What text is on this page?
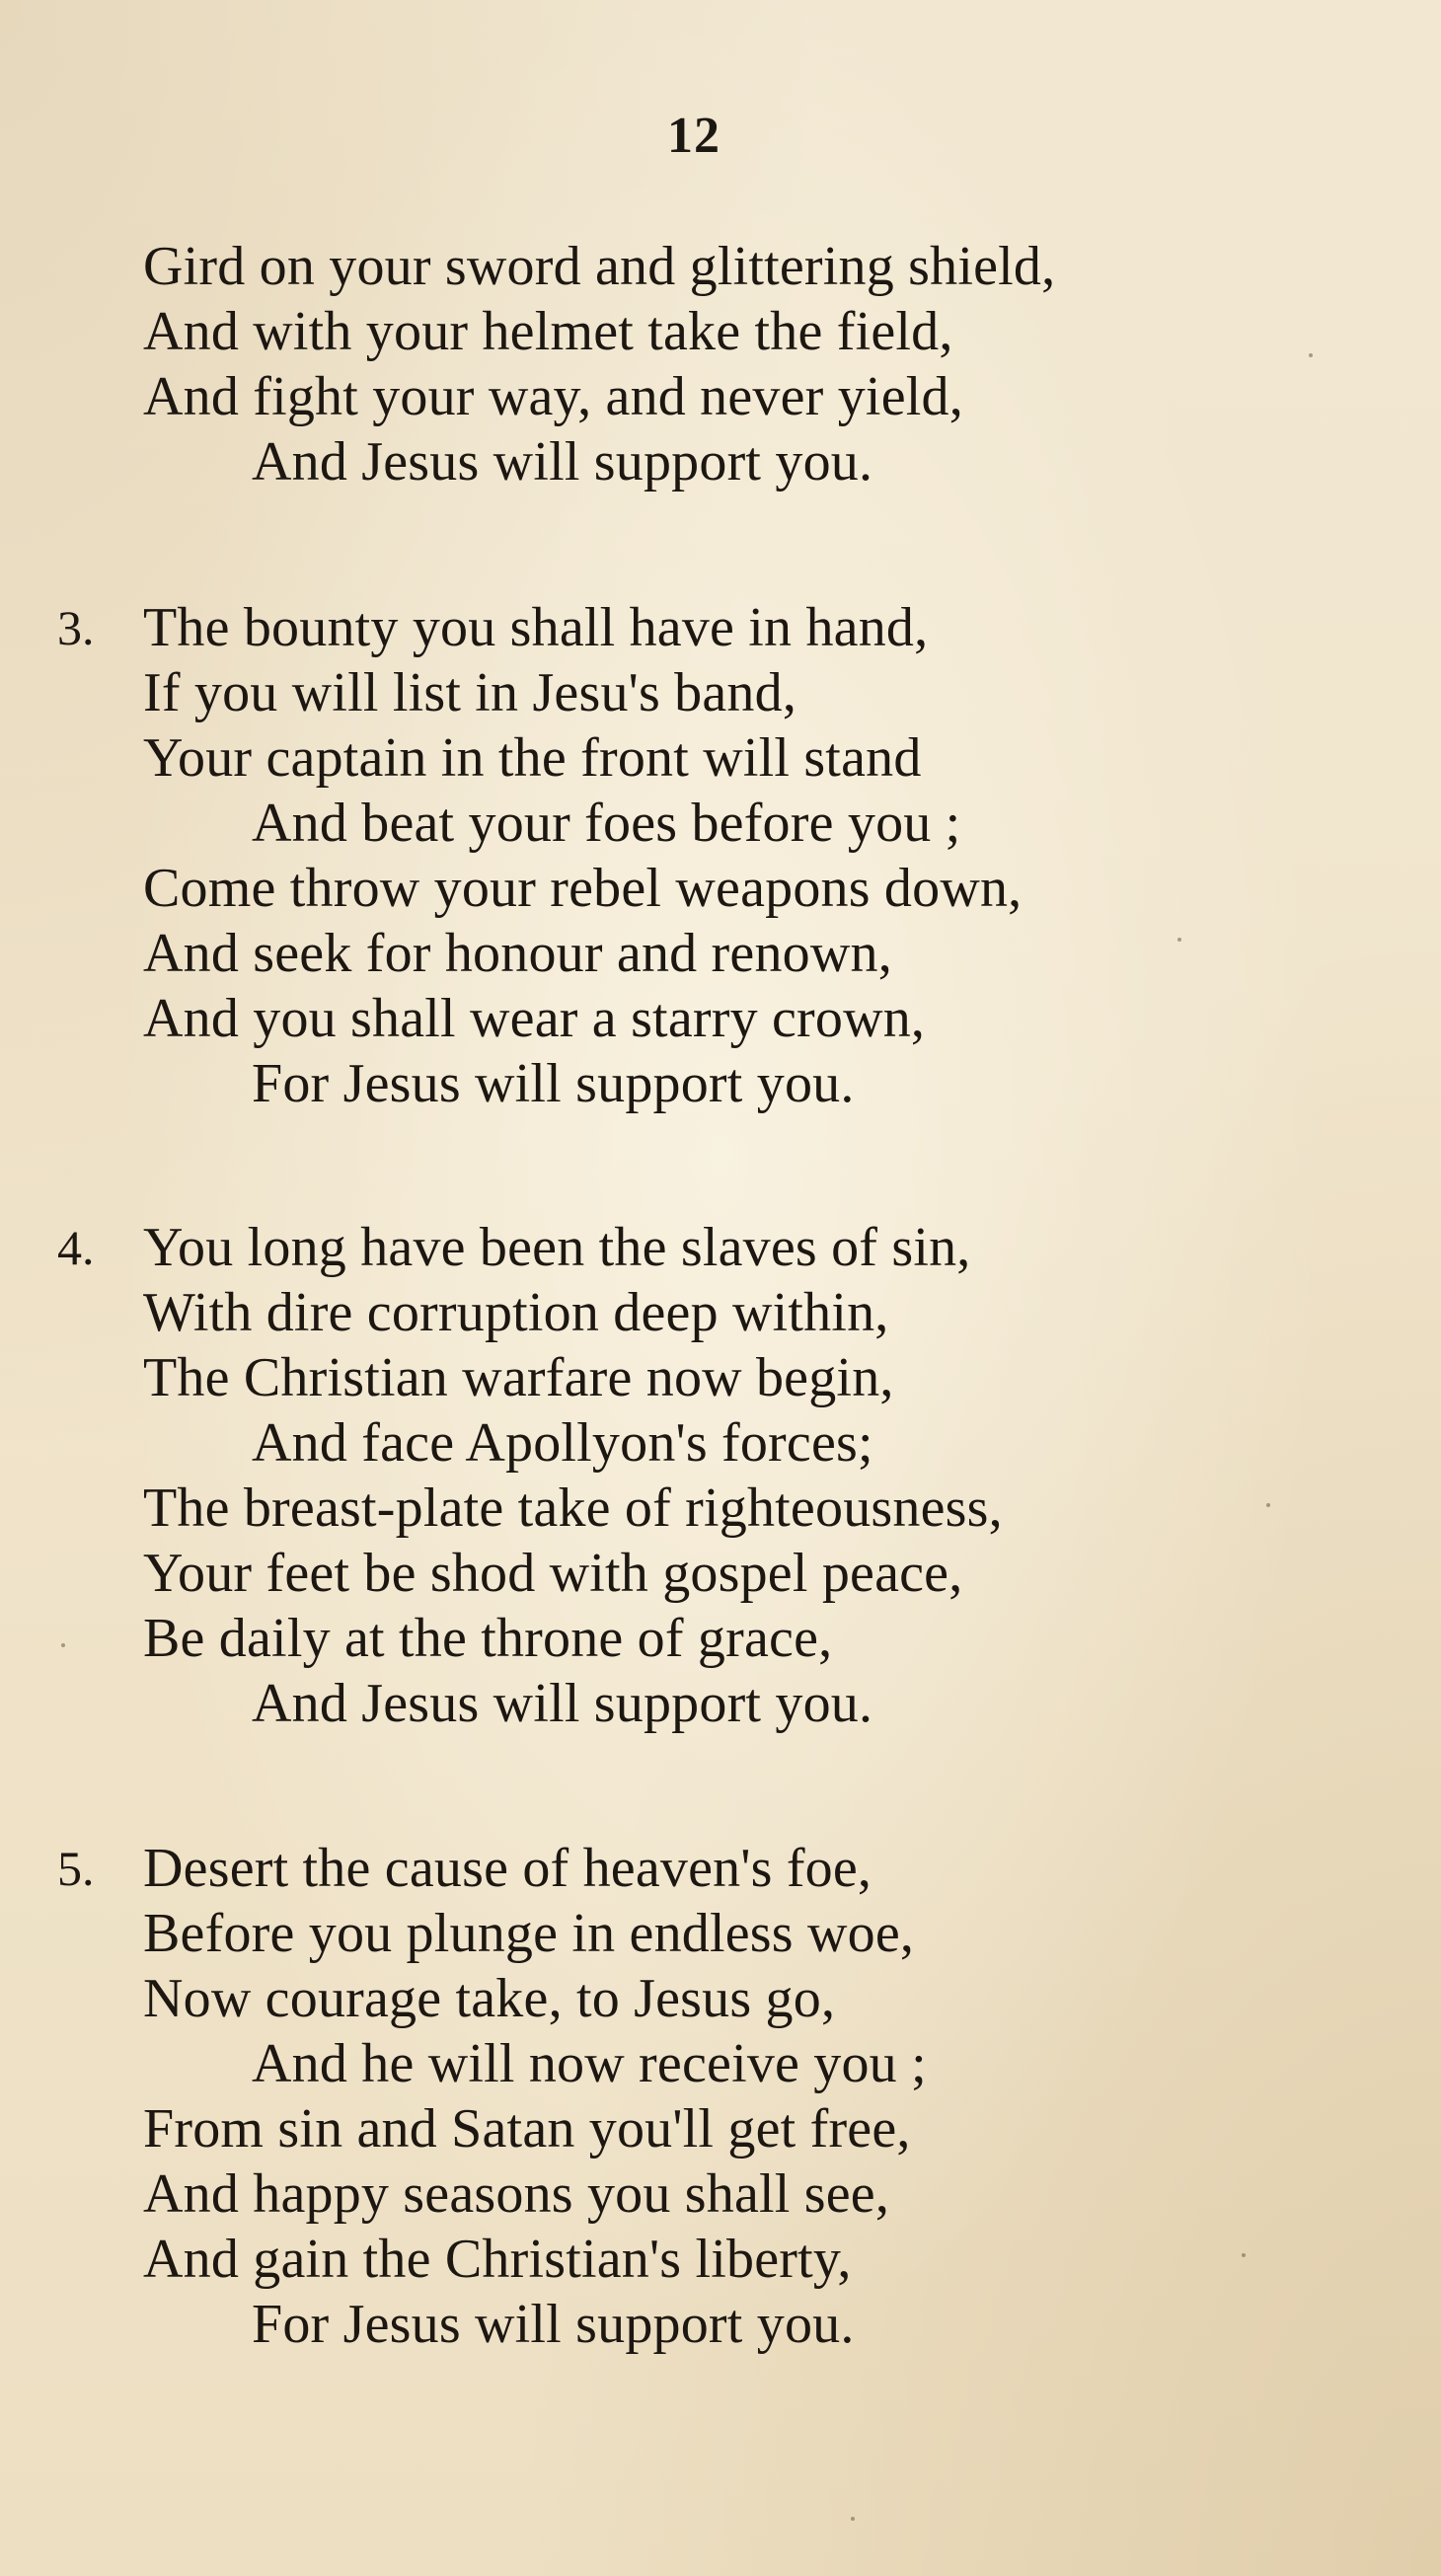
12
Gird on your sword and glittering shield,
And with your helmet take the field,
And fight your way, and never yield,
And Jesus will support you.
3. The bounty you shall have in hand,
If you will list in Jesu's band,
Your captain in the front will stand
And beat your foes before you ;
Come throw your rebel weapons down,
And seek for honour and renown,
And you shall wear a starry crown,
For Jesus will support you.
4. You long have been the slaves of sin,
With dire corruption deep within,
The Christian warfare now begin,
And face Apollyon's forces;
The breast-plate take of righteousness,
Your feet be shod with gospel peace,
Be daily at the throne of grace,
And Jesus will support you.
5. Desert the cause of heaven's foe,
Before you plunge in endless woe,
Now courage take, to Jesus go,
And he will now receive you ;
From sin and Satan you'll get free,
And happy seasons you shall see,
And gain the Christian's liberty,
For Jesus will support you.
